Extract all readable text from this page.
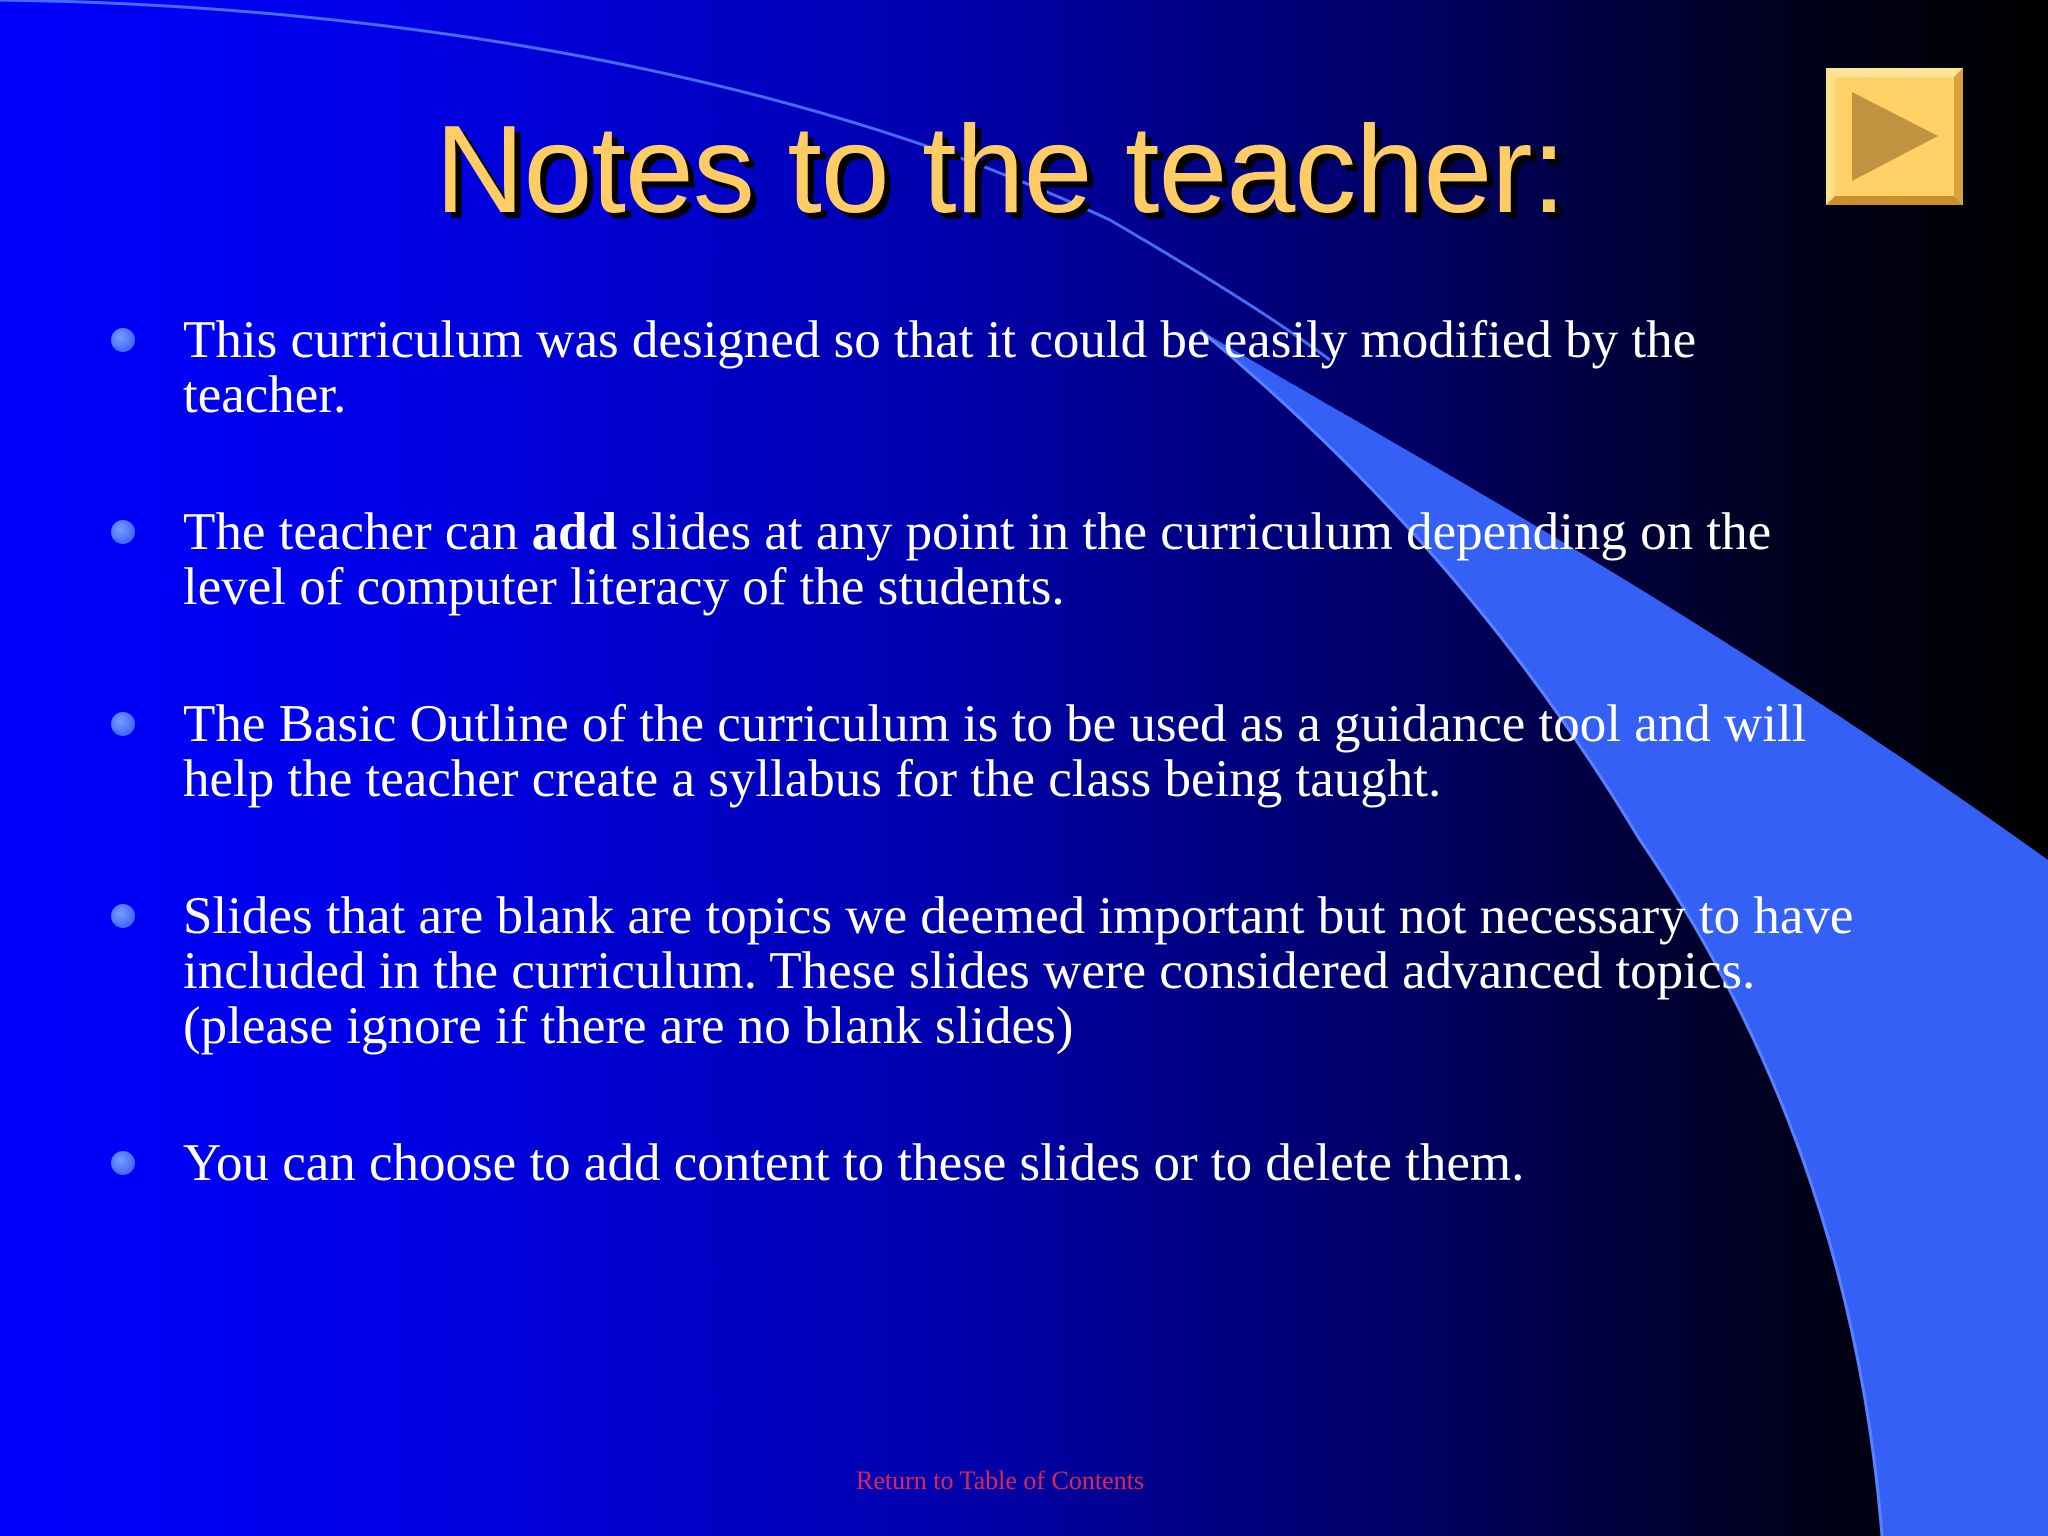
Notes to the teacher:
This curriculum was designed so that it could be easily modified by the teacher.
The teacher can add slides at any point in the curriculum depending on the level of computer literacy of the students.
The Basic Outline of the curriculum is to be used as a guidance tool and will help the teacher create a syllabus for the class being taught.
Slides that are blank are topics we deemed important but not necessary to have included in the curriculum. These slides were considered advanced topics. (please ignore if there are no blank slides)
You can choose to add content to these slides or to delete them.
Return to Table of Contents
